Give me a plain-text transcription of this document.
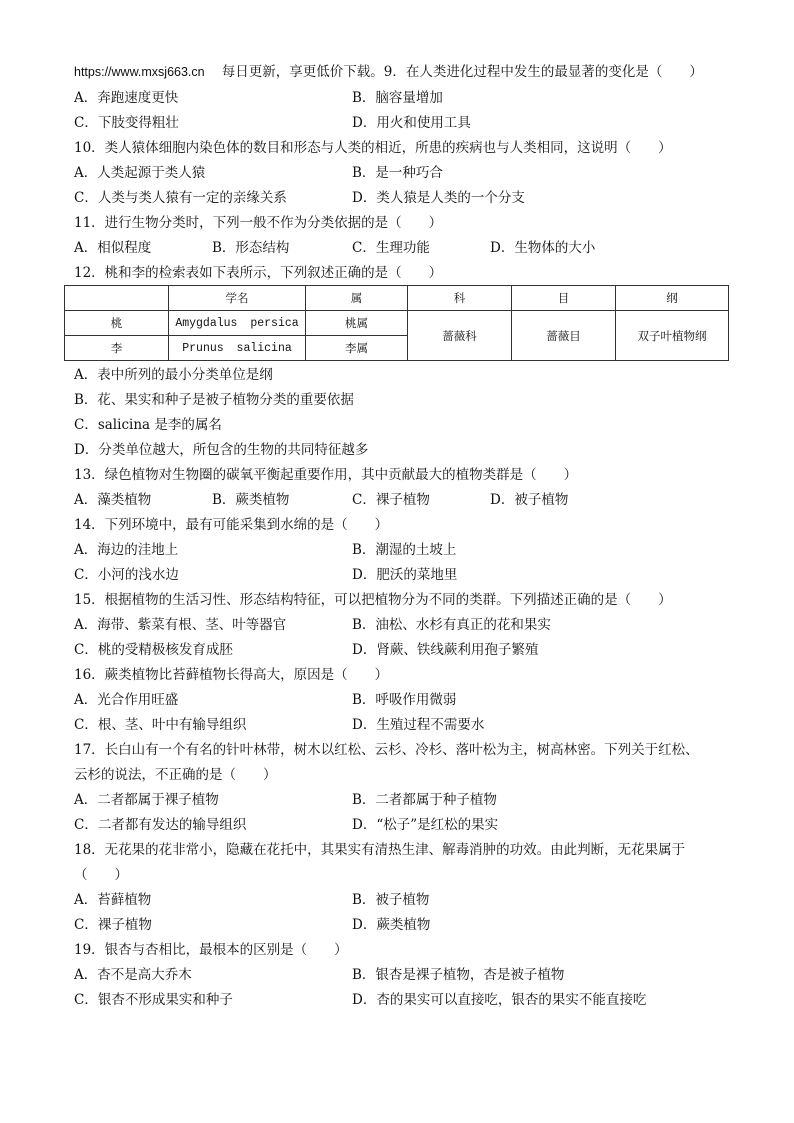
https://www.mxsj663.cn 每日更新，享更低价下载。9．在人类进化过程中发生的最显著的变化是（　　）
A．奔跑速度更快	B．脑容量增加
C．下肢变得粗壮	D．用火和使用工具
10．类人猿体细胞内染色体的数目和形态与人类的相近，所患的疾病也与人类相同，这说明（　　）
A．人类起源于类人猿	B．是一种巧合
C．人类与类人猿有一定的亲缘关系	D．类人猿是人类的一个分支
11．进行生物分类时，下列一般不作为分类依据的是（　　）
A．相似程度	B．形态结构	C．生理功能	D．生物体的大小
12．桃和李的检索表如下表所示，下列叙述正确的是（　　）
	学名	属	科	目	纲
桃	Amygdalus persica	桃属	蔷薇科	蔷薇目	双子叶植物纲
李	Prunus salicina	李属			
A．表中所列的最小分类单位是纲
B．花、果实和种子是被子植物分类的重要依据
C．salicina 是李的属名
D．分类单位越大，所包含的生物的共同特征越多
13．绿色植物对生物圈的碳氧平衡起重要作用，其中贡献最大的植物类群是（　　）
A．藻类植物	B．蕨类植物	C．裸子植物	D．被子植物
14．下列环境中，最有可能采集到水绵的是（　　）
A．海边的洼地上	B．潮湿的土坡上
C．小河的浅水边	D．肥沃的菜地里
15．根据植物的生活习性、形态结构特征，可以把植物分为不同的类群。下列描述正确的是（　　）
A．海带、紫菜有根、茎、叶等器官	B．油松、水杉有真正的花和果实
C．桃的受精极核发育成胚	D．肾蕨、铁线蕨利用孢子繁殖
16．蕨类植物比苔藓植物长得高大，原因是（　　）
A．光合作用旺盛	B．呼吸作用微弱
C．根、茎、叶中有输导组织	D．生殖过程不需要水
17．长白山有一个有名的针叶林带，树木以红松、云杉、冷杉、落叶松为主，树高林密。下列关于红松、
云杉的说法，不正确的是（　　）
A．二者都属于裸子植物	B．二者都属于种子植物
C．二者都有发达的输导组织	D．“松子”是红松的果实
18．无花果的花非常小，隐藏在花托中，其果实有清热生津、解毒消肿的功效。由此判断，无花果属于
（　　）
A．苔藓植物	B．被子植物
C．裸子植物	D．蕨类植物
19．银杏与杏相比，最根本的区别是（　　）
A．杏不是高大乔木	B．银杏是裸子植物，杏是被子植物
C．银杏不形成果实和种子	D．杏的果实可以直接吃，银杏的果实不能直接吃
